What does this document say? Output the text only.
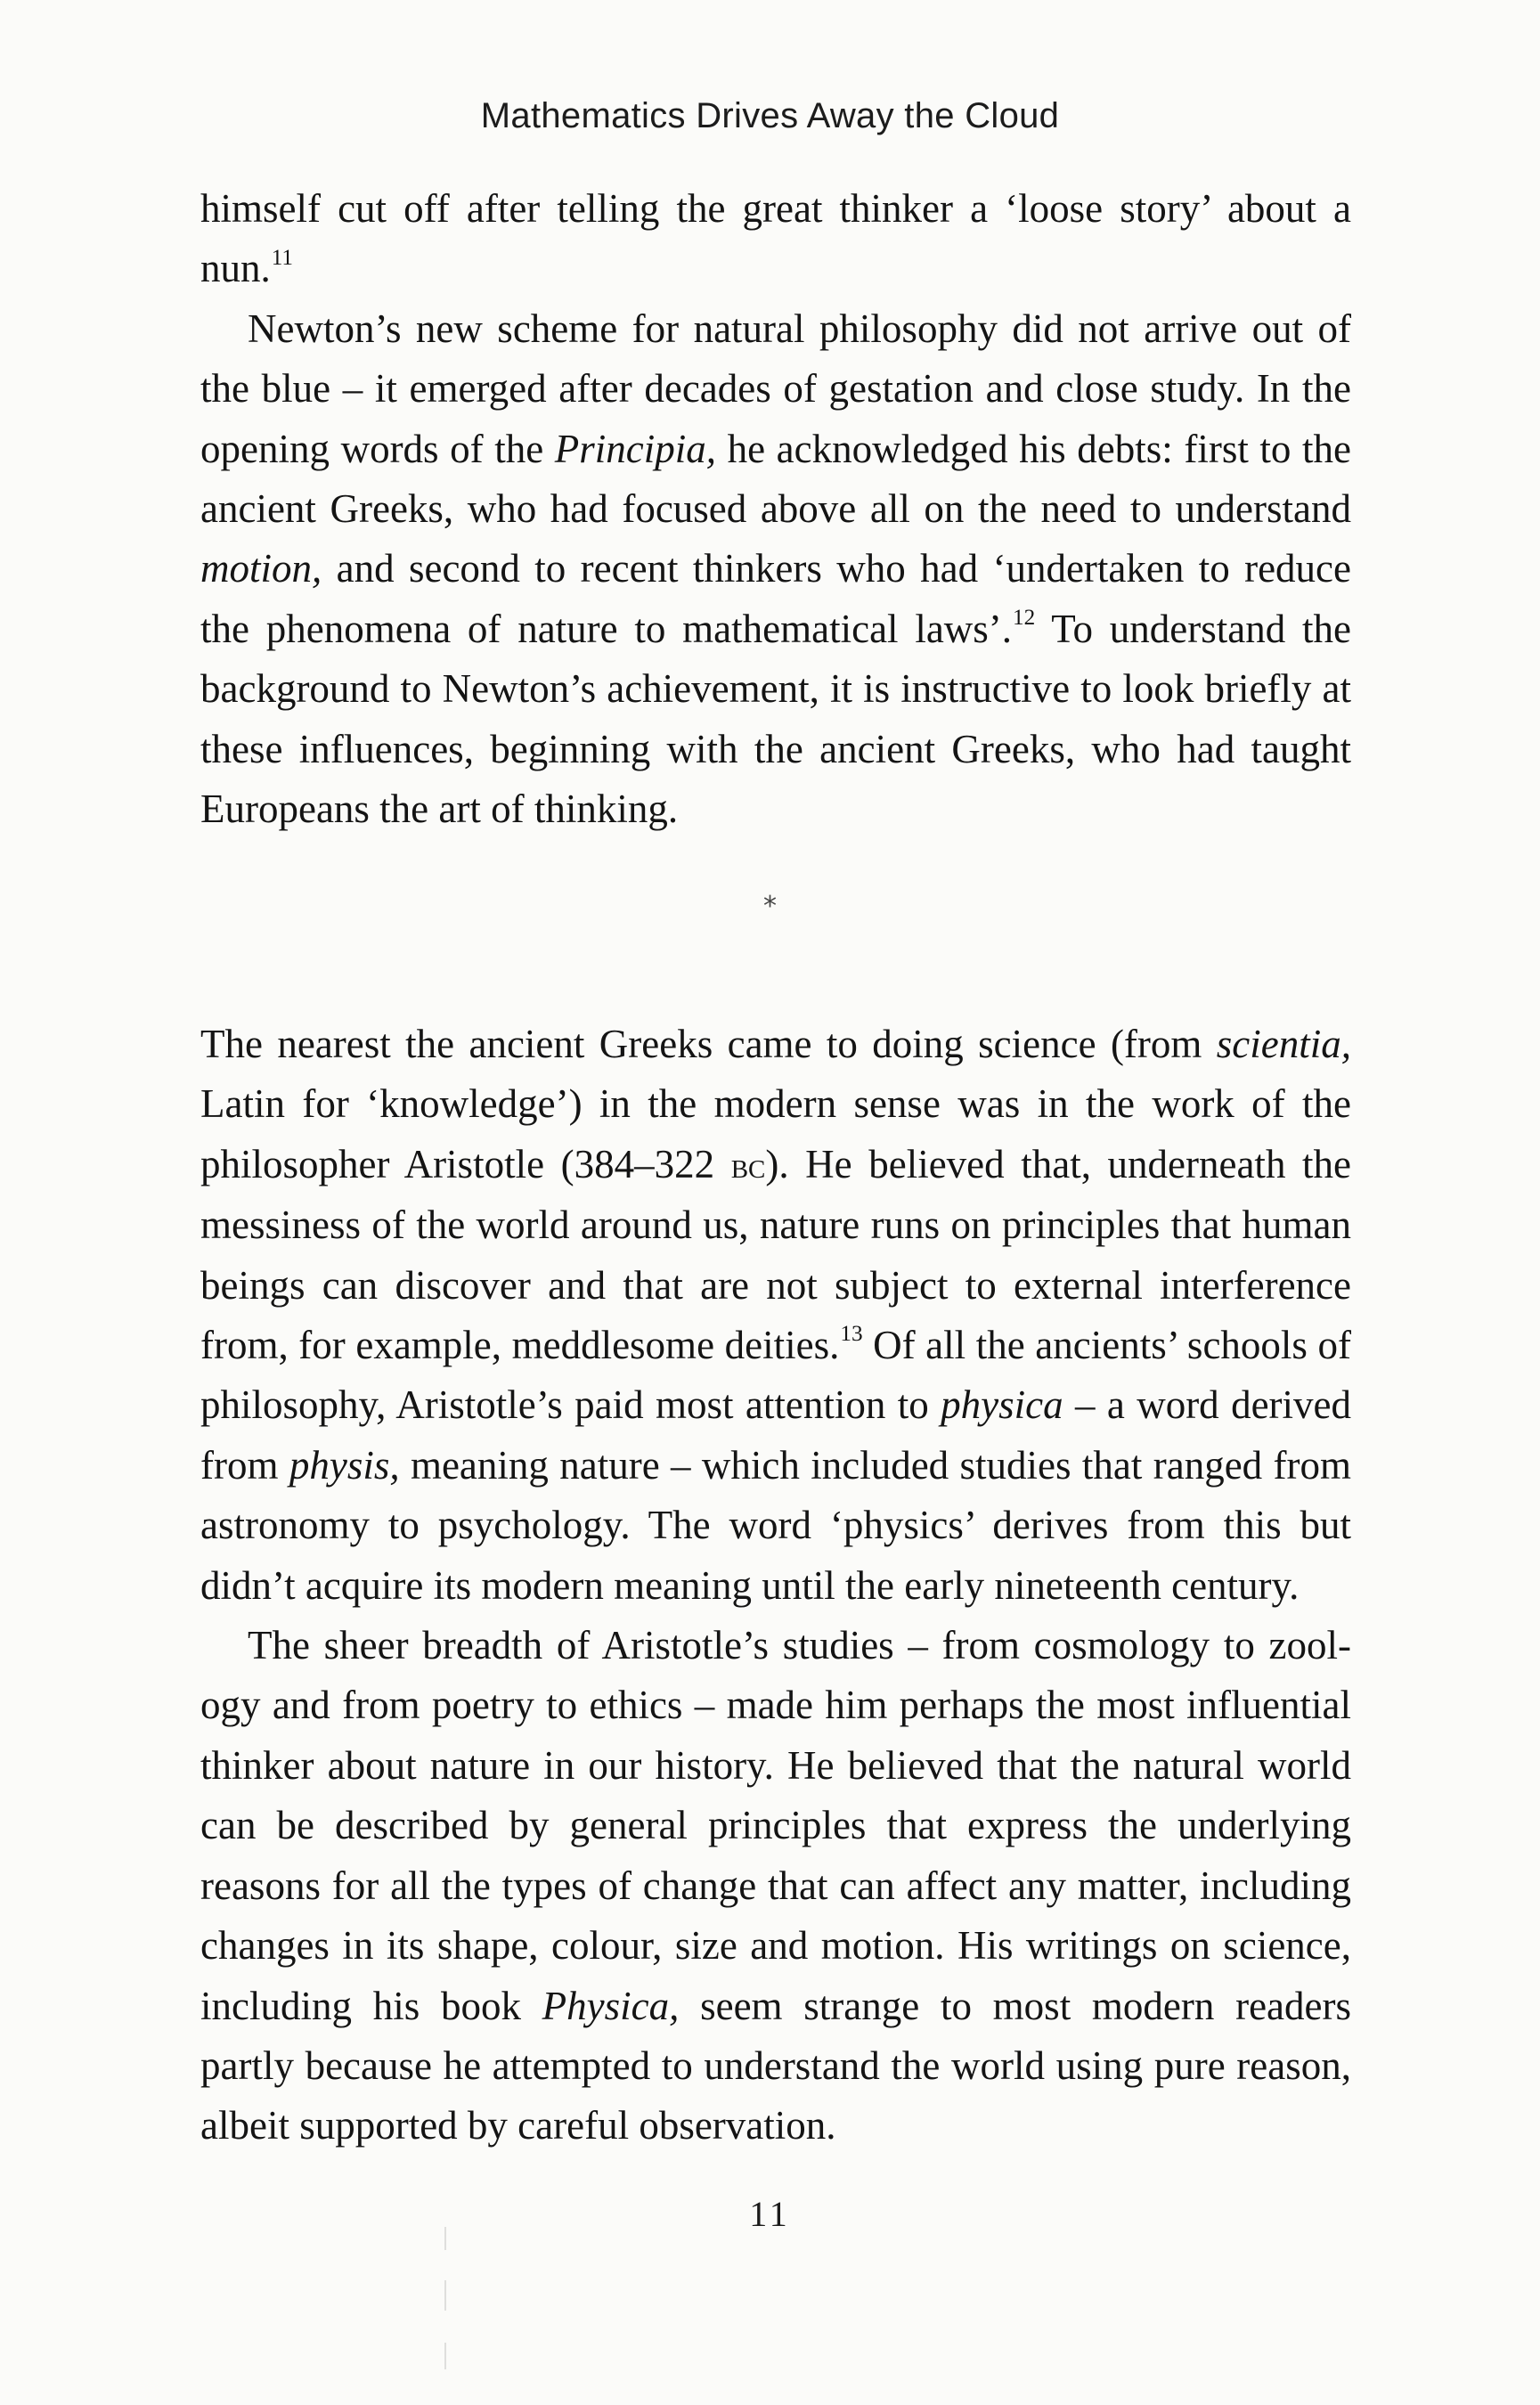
Mathematics Drives Away the Cloud

himself cut off after telling the great thinker a ‘loose story’ about a nun.$^{11}$

Newton’s new scheme for natural philosophy did not arrive out of the blue – it emerged after decades of gestation and close study. In the opening words of the Principia, he acknowledged his debts: first to the ancient Greeks, who had focused above all on the need to understand motion, and second to recent thinkers who had ‘undertaken to reduce the phenomena of nature to mathematical laws’.$^{12}$ To understand the background to Newton’s achievement, it is instructive to look briefly at these influences, beginning with the ancient Greeks, who had taught Europeans the art of thinking.

*

The nearest the ancient Greeks came to doing science (from scientia, Latin for ‘knowledge’) in the modern sense was in the work of the philosopher Aristotle (384–322 bc). He believed that, underneath the messiness of the world around us, nature runs on principles that human beings can discover and that are not subject to external interference from, for example, meddlesome deities.$^{13}$ Of all the ancients’ schools of philosophy, Aristotle’s paid most attention to physica – a word derived from physis, meaning nature – which included studies that ranged from astronomy to psychology. The word ‘physics’ derives from this but didn’t acquire its modern meaning until the early nineteenth century.

The sheer breadth of Aristotle’s studies – from cosmology to zoology and from poetry to ethics – made him perhaps the most influential thinker about nature in our history. He believed that the natural world can be described by general principles that express the underlying reasons for all the types of change that can affect any matter, including changes in its shape, colour, size and motion. His writings on science, including his book Physica, seem strange to most modern readers partly because he attempted to understand the world using pure reason, albeit supported by careful observation.

11
